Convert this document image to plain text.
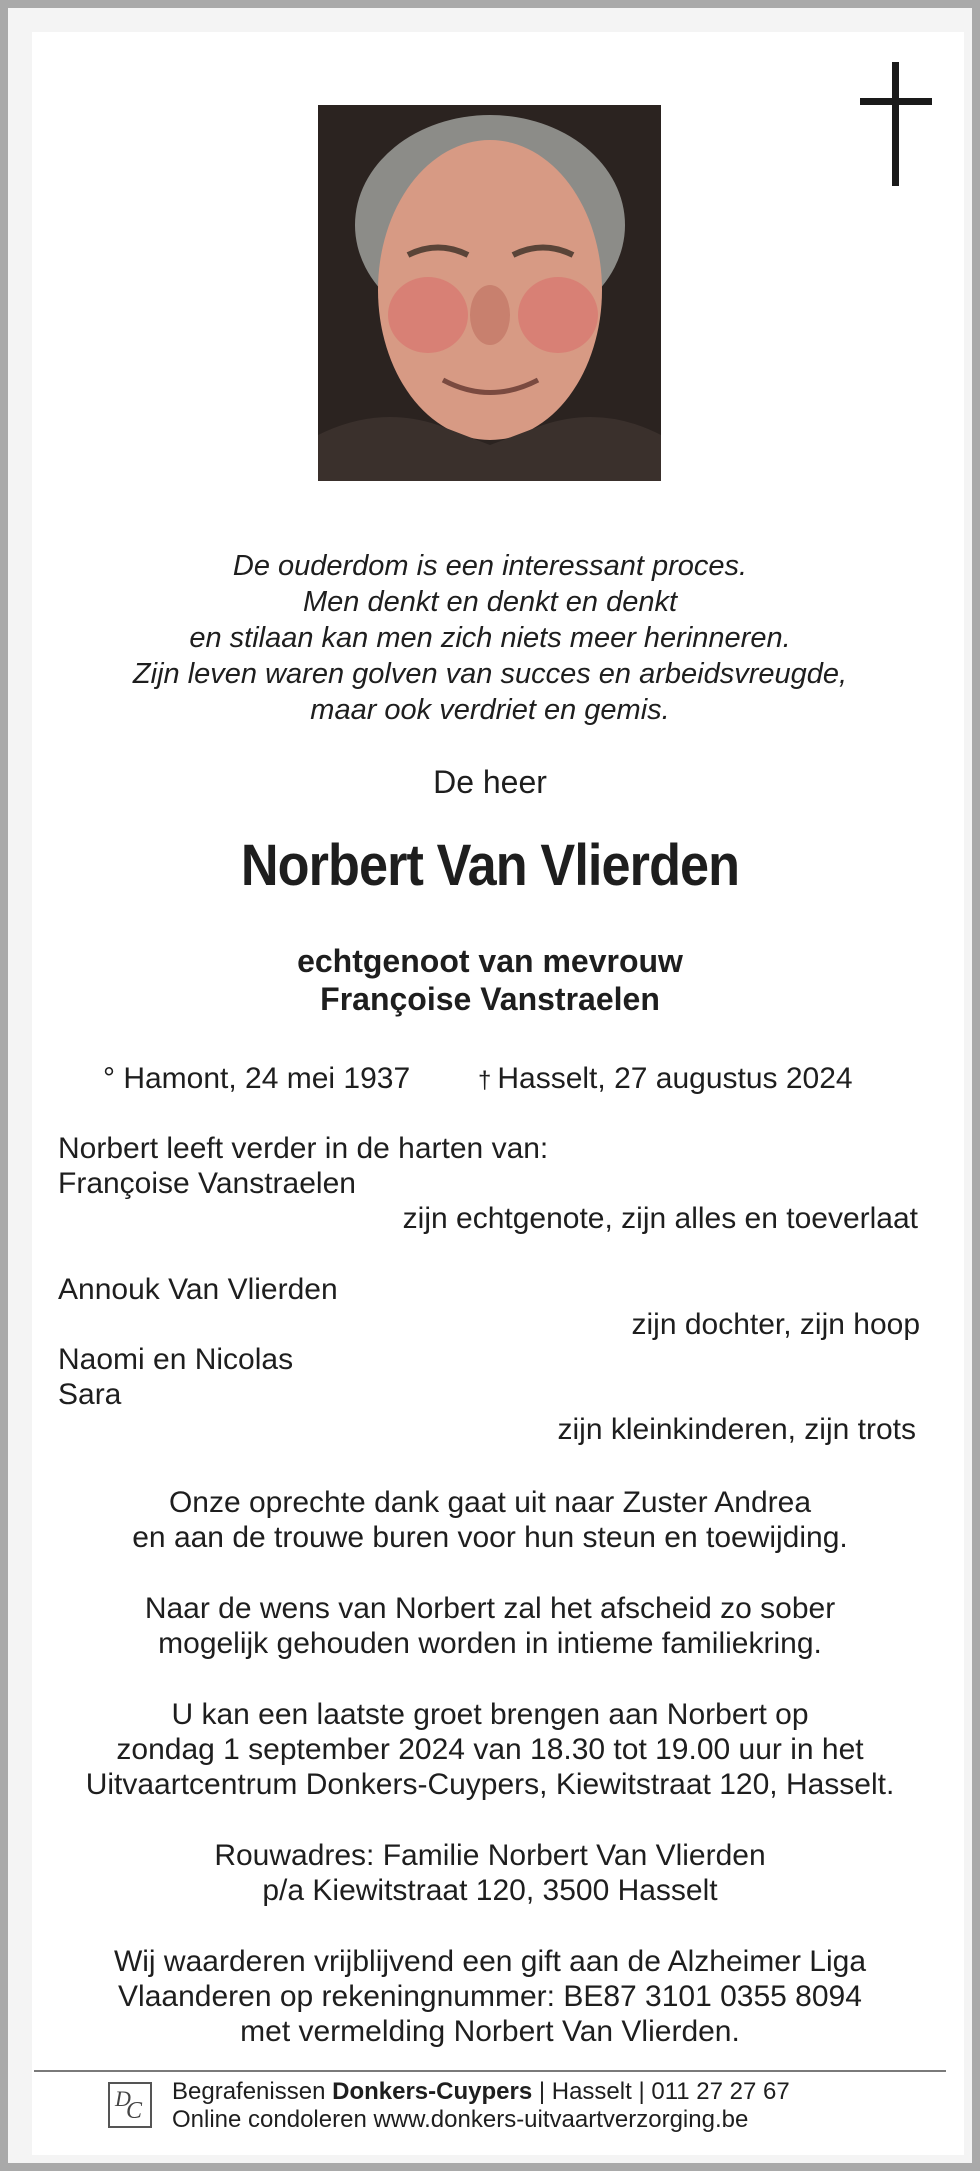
De ouderdom is een interessant proces.
Men denkt en denkt en denkt
en stilaan kan men zich niets meer herinneren.
Zijn leven waren golven van succes en arbeidsvreugde,
maar ook verdriet en gemis.
De heer
Norbert Van Vlierden
echtgenoot van mevrouw
Françoise Vanstraelen
° Hamont, 24 mei 1937	† Hasselt, 27 augustus 2024
Norbert leeft verder in de harten van:
Françoise Vanstraelen
zijn echtgenote, zijn alles en toeverlaat
Annouk Van Vlierden
zijn dochter, zijn hoop
Naomi en Nicolas
Sara
zijn kleinkinderen, zijn trots
Onze oprechte dank gaat uit naar Zuster Andrea
en aan de trouwe buren voor hun steun en toewijding.
Naar de wens van Norbert zal het afscheid zo sober
mogelijk gehouden worden in intieme familiekring.
U kan een laatste groet brengen aan Norbert op
zondag 1 september 2024 van 18.30 tot 19.00 uur in het
Uitvaartcentrum Donkers-Cuypers, Kiewitstraat 120, Hasselt.
Rouwadres: Familie Norbert Van Vlierden
p/a Kiewitstraat 120, 3500 Hasselt
Wij waarderen vrijblijvend een gift aan de Alzheimer Liga
Vlaanderen op rekeningnummer: BE87 3101 0355 8094
met vermelding Norbert Van Vlierden.
D
C
Begrafenissen Donkers-Cuypers | Hasselt | 011 27 27 67
Online condoleren www.donkers-uitvaartverzorging.be
